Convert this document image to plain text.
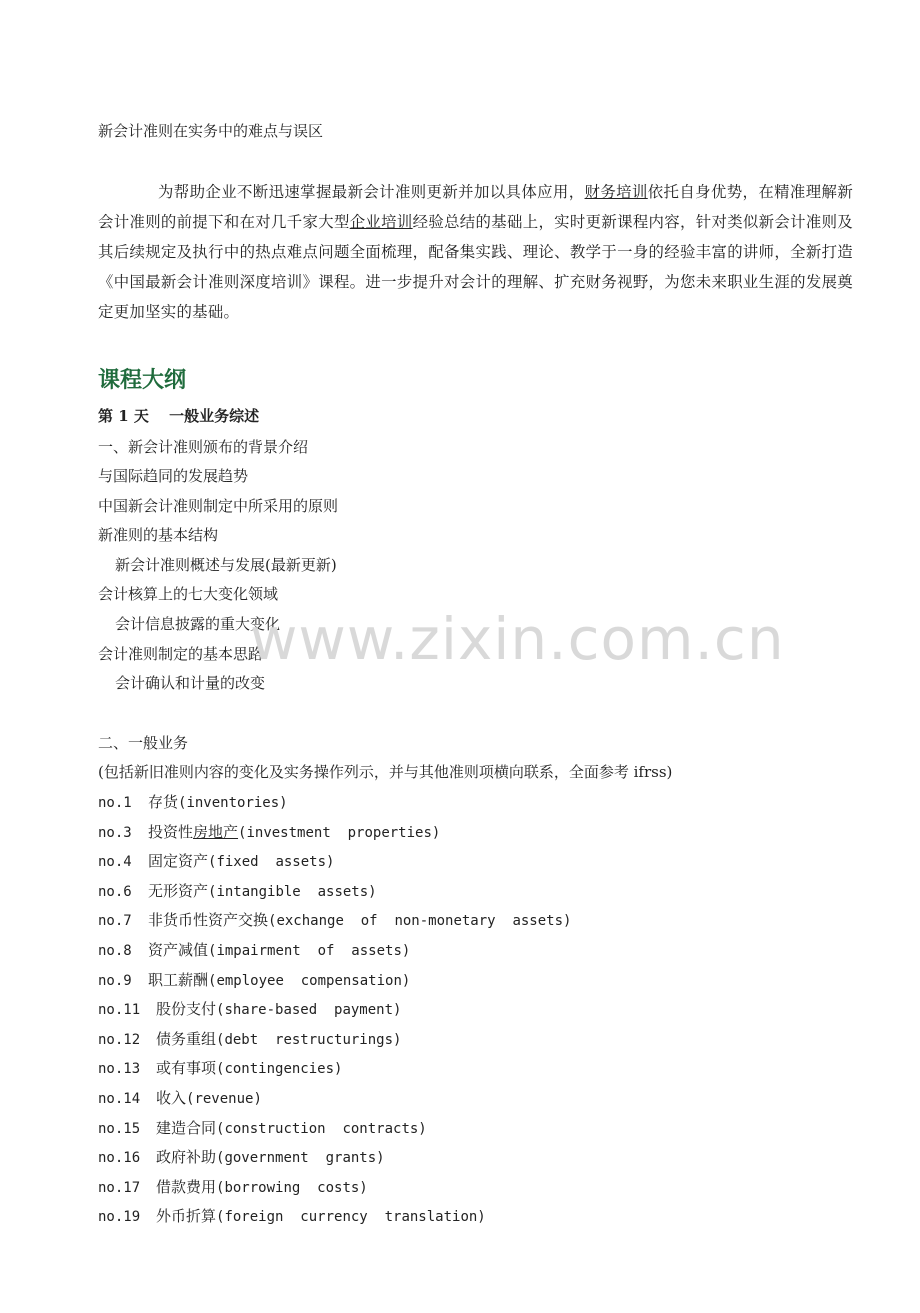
新会计准则在实务中的难点与误区

为帮助企业不断迅速掌握最新会计准则更新并加以具体应用，财务培训依托自身优势，在精准理解新会计准则的前提下和在对几千家大型企业培训经验总结的基础上，实时更新课程内容，针对类似新会计准则及其后续规定及执行中的热点难点问题全面梳理，配备集实践、理论、教学于一身的经验丰富的讲师，全新打造《中国最新会计准则深度培训》课程。进一步提升对会计的理解、扩充财务视野，为您未来职业生涯的发展奠定更加坚实的基础。

课程大纲
第 1 天　 一般业务综述
一、新会计准则颁布的背景介绍
与国际趋同的发展趋势
中国新会计准则制定中所采用的原则
新准则的基本结构
新会计准则概述与发展(最新更新)
会计核算上的七大变化领域
会计信息披露的重大变化
会计准则制定的基本思路
会计确认和计量的改变
二、一般业务
(包括新旧准则内容的变化及实务操作列示，并与其他准则项横向联系，全面参考 ifrss)
no.1 存货(inventories)
no.3 投资性房地产(investment  properties)
no.4 固定资产(fixed  assets)
no.6 无形资产(intangible  assets)
no.7 非货币性资产交换(exchange  of  non-monetary  assets)
no.8 资产减值(impairment  of  assets)
no.9 职工薪酬(employee  compensation)
no.11 股份支付(share-based  payment)
no.12 债务重组(debt  restructurings)
no.13 或有事项(contingencies)
no.14 收入(revenue)
no.15 建造合同(construction  contracts)
no.16 政府补助(government  grants)
no.17 借款费用(borrowing  costs)
no.19 外币折算(foreign  currency  translation)
www.zixin.com.cn
